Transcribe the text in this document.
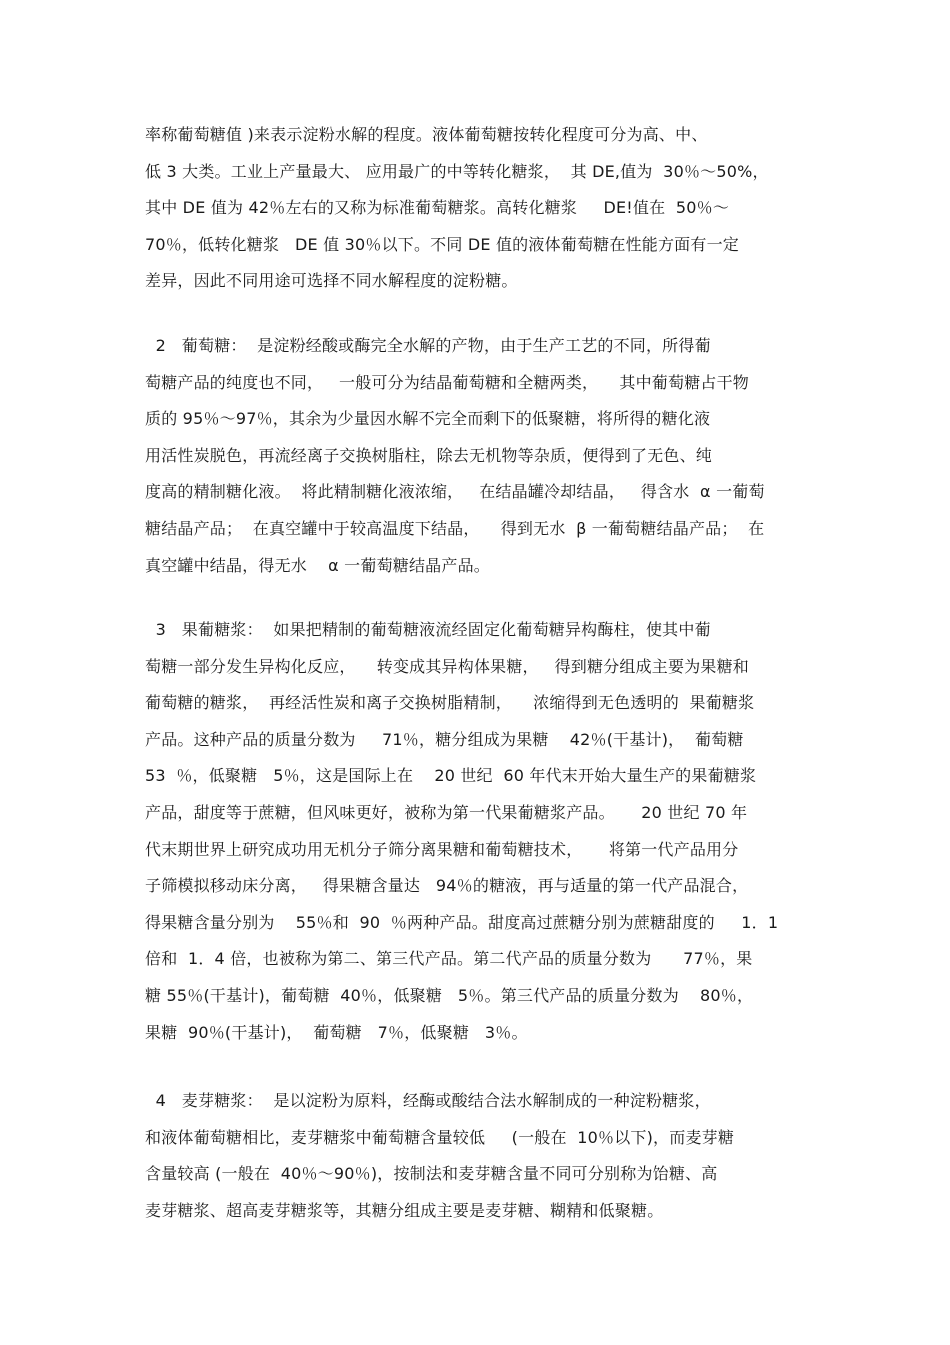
率称葡萄糖值 )来表示淀粉水解的程度。液体葡萄糖按转化程度可分为高、中、
低 3 大类。工业上产量最大、 应用最广的中等转化糖浆，  其 DE,值为  30％～50%，
其中 DE 值为 42％左右的又称为标准葡萄糖浆。高转化糖浆     DE!值在  50％～
70％，低转化糖浆   DE 值 30％以下。不同 DE 值的液体葡萄糖在性能方面有一定
差异，因此不同用途可选择不同水解程度的淀粉糖。
2   葡萄糖：  是淀粉经酸或酶完全水解的产物，由于生产工艺的不同，所得葡
萄糖产品的纯度也不同，   一般可分为结晶葡萄糖和全糖两类，    其中葡萄糖占干物
质的 95％～97％，其余为少量因水解不完全而剩下的低聚糖，将所得的糖化液
用活性炭脱色，再流经离子交换树脂柱，除去无机物等杂质，便得到了无色、纯
度高的精制糖化液。  将此精制糖化液浓缩，   在结晶罐冷却结晶，   得含水  α 一葡萄
糖结晶产品；  在真空罐中于较高温度下结晶，    得到无水  β 一葡萄糖结晶产品；  在
真空罐中结晶，得无水    α 一葡萄糖结晶产品。
3   果葡糖浆：  如果把精制的葡萄糖液流经固定化葡萄糖异构酶柱，使其中葡
萄糖一部分发生异构化反应，    转变成其异构体果糖，   得到糖分组成主要为果糖和
葡萄糖的糖浆，  再经活性炭和离子交换树脂精制，    浓缩得到无色透明的  果葡糖浆
产品。这种产品的质量分数为     71％，糖分组成为果糖    42％(干基计)，  葡萄糖
53  ％，低聚糖   5％，这是国际上在    20 世纪  60 年代末开始大量生产的果葡糖浆
产品，甜度等于蔗糖，但风味更好，被称为第一代果葡糖浆产品。     20 世纪 70 年
代末期世界上研究成功用无机分子筛分离果糖和葡萄糖技术，     将第一代产品用分
子筛模拟移动床分离，   得果糖含量达   94％的糖液，再与适量的第一代产品混合，
得果糖含量分别为    55％和  90  ％两种产品。甜度高过蔗糖分别为蔗糖甜度的     1．1
倍和  1．4 倍，也被称为第二、第三代产品。第二代产品的质量分数为      77％，果
糖 55％(干基计)，葡萄糖  40％，低聚糖   5％。第三代产品的质量分数为    80％，
果糖  90％(干基计)，  葡萄糖   7％，低聚糖   3％。
4   麦芽糖浆：  是以淀粉为原料，经酶或酸结合法水解制成的一种淀粉糖浆，
和液体葡萄糖相比，麦芽糖浆中葡萄糖含量较低     (一般在  10％以下)，而麦芽糖
含量较高 (一般在  40％～90％)，按制法和麦芽糖含量不同可分别称为饴糖、高
麦芽糖浆、超高麦芽糖浆等，其糖分组成主要是麦芽糖、糊精和低聚糖。
